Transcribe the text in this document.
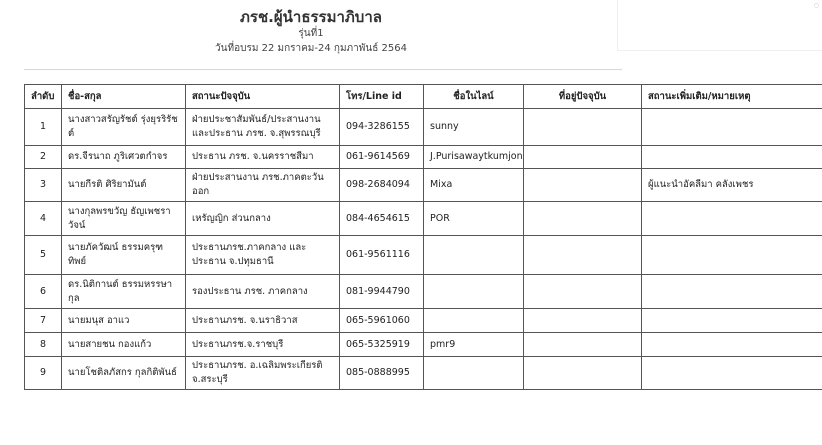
ภรช.ผู้นำธรรมาภิบาล
รุ่นที่1
วันที่อบรม 22 มกราคม-24 กุมภาพันธ์ 2564
○
ลำดับ	ชื่อ-สกุล	สถานะปัจจุบัน	โทร/Line id	ชื่อในไลน์	ที่อยู่ปัจจุบัน	สถานะเพิ่มเติม/หมายเหตุ
1	นางสาวสรัญรัชต์ รุ่งยุรริรัชต์	ฝ่ายประชาสัมพันธ์/ประสานงาน และประธาน ภรช. จ.สุพรรณบุรี	094-3286155	sunny		
2	ดร.จีรนาถ ภูริเศวตกำจร	ประธาน ภรช. จ.นครราชสีมา	061-9614569	J.Purisawaytkumjon		
3	นายกีรติ ศิริยามันต์	ฝ่ายประสานงาน ภรช.ภาคตะวันออก	098-2684094	Mixa		ผู้แนะนำอัคลีมา คลังเพชร
4	นางกุลพรขวัญ ธัญเพชราวัจน์	เหรัญญิก ส่วนกลาง	084-4654615	POR		
5	นายภัควัฒน์ ธรรมครุฑทิพย์	ประธานภรช.ภาคกลาง และ ประธาน จ.ปทุมธานี	061-9561116			
6	ดร.นิติกานต์ ธรรมหรรษากุล	รองประธาน ภรช. ภาคกลาง	081-9944790			
7	นายมนุส อาแว	ประธานภรช. จ.นราธิวาส	065-5961060			
8	นายสายชน กองแก้ว	ประธานภรช.จ.ราชบุรี	065-5325919	pmr9		
9	นายโชติลภัสกร กุลกิติพันธ์	ประธานภรช. อ.เฉลิมพระเกียรติ จ.สระบุรี	085-0888995			
